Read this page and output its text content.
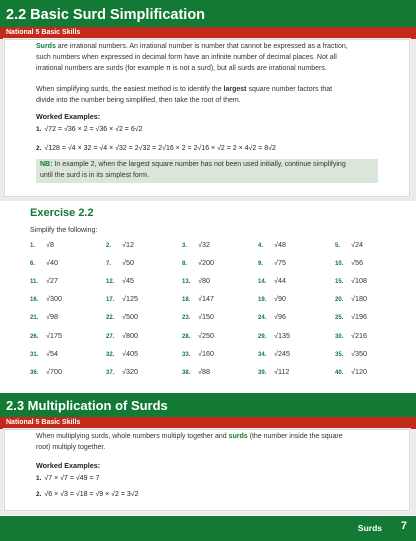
2.2 Basic Surd Simplification
National 5 Basic Skills
Surds are irrational numbers. An irrational number is number that cannot be expressed as a fraction,
such numbers when expressed in decimal form have an infinite number of decimal places. Not all
irrational numbers are surds (for example π is not a surd), but all surds are irrational numbers.
When simplifying surds, the easiest method is to identify the largest square number factors that
divide into the number being simplified, then take the root of them.
Worked Examples:
1. √72 = √36 × 2 = √36 × √2 = 6√2
2. √128 = √4 × 32 = √4 × √32 = 2√32 = 2√16 × 2 = 2√16 × √2 = 2 × 4√2 = 8√2
NB: In example 2, when the largest square number has not been used initially, continue simplifying
until the surd is in its simplest form.
Exercise 2.2
Simplify the following:
1. √8	2. √12	3. √32	4. √48	5. √24
6. √40	7. √50	8. √200	9. √75	10. √56
11. √27	12. √45	13. √80	14. √44	15. √108
16. √300	17. √125	18. √147	19. √90	20. √180
21. √98	22. √500	23. √150	24. √96	25. √196
26. √175	27. √800	28. √250	29. √135	30. √216
31. √54	32. √405	33. √160	34. √245	35. √350
36. √700	37. √320	38. √88	39. √112	40. √120
2.3 Multiplication of Surds
National 5 Basic Skills
When multiplying surds, whole numbers multiply together and surds (the number inside the square
root) multiply together.
Worked Examples:
1. √7 × √7 = √49 = 7
2. √6 × √3 = √18 = √9 × √2 = 3√2
Surds 7
